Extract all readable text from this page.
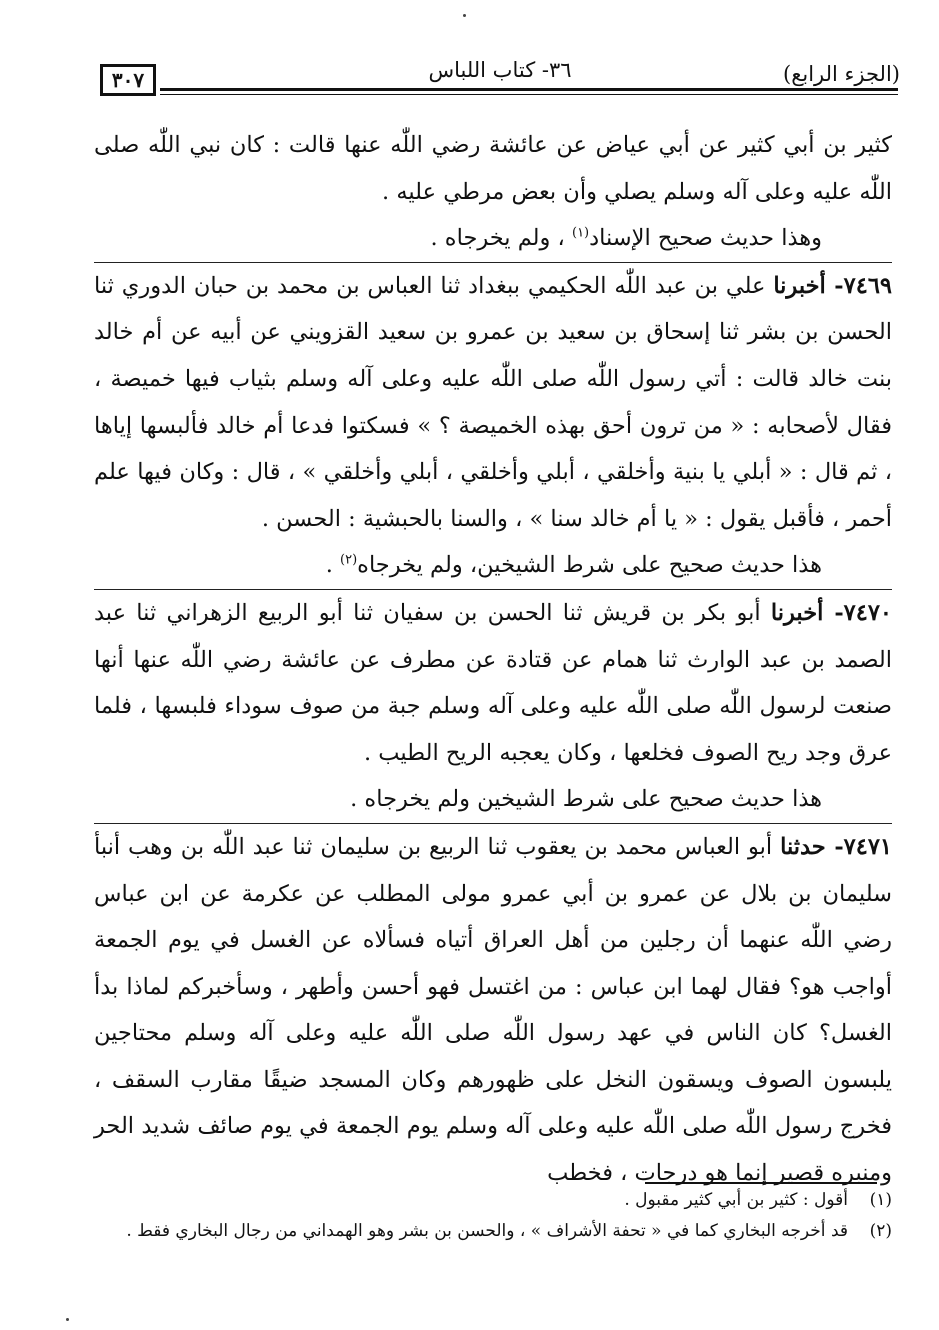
(الجزء الرابع)
٣٦- كتاب اللباس
٣٠٧

كثير بن أبي كثير عن أبي عياض عن عائشة رضي اللّٰه عنها قالت : كان نبي اللّٰه صلى اللّٰه عليه وعلى آله وسلم يصلي وأن بعض مرطي عليه .

وهذا حديث صحيح الإسناد$^{(١)}$ ، ولم يخرجاه .

٧٤٦٩- أخبرنا علي بن عبد اللّٰه الحكيمي ببغداد ثنا العباس بن محمد بن حبان الدوري ثنا الحسن بن بشر ثنا إسحاق بن سعيد بن عمرو بن سعيد القزويني عن أبيه عن أم خالد بنت خالد قالت : أتي رسول اللّٰه صلى اللّٰه عليه وعلى آله وسلم بثياب فيها خميصة ، فقال لأصحابه : « من ترون أحق بهذه الخميصة ؟ » فسكتوا فدعا أم خالد فألبسها إياها ، ثم قال : « أبلي يا بنية وأخلقي ، أبلي وأخلقي ، أبلي وأخلقي » ، قال : وكان فيها علم أحمر ، فأقبل يقول : « يا أم خالد سنا » ، والسنا بالحبشية : الحسن .

هذا حديث صحيح على شرط الشيخين، ولم يخرجاه$^{(٢)}$ .

٧٤٧٠- أخبرنا أبو بكر بن قريش ثنا الحسن بن سفيان ثنا أبو الربيع الزهراني ثنا عبد الصمد بن عبد الوارث ثنا همام عن قتادة عن مطرف عن عائشة رضي اللّٰه عنها أنها صنعت لرسول اللّٰه صلى اللّٰه عليه وعلى آله وسلم جبة من صوف سوداء فلبسها ، فلما عرق وجد ريح الصوف فخلعها ، وكان يعجبه الريح الطيب .

هذا حديث صحيح على شرط الشيخين ولم يخرجاه .

٧٤٧١- حدثنا أبو العباس محمد بن يعقوب ثنا الربيع بن سليمان ثنا عبد اللّٰه بن وهب أنبأ سليمان بن بلال عن عمرو بن أبي عمرو مولى المطلب عن عكرمة عن ابن عباس رضي اللّٰه عنهما أن رجلين من أهل العراق أتياه فسألاه عن الغسل في يوم الجمعة أواجب هو؟ فقال لهما ابن عباس : من اغتسل فهو أحسن وأطهر ، وسأخبركم لماذا بدأ الغسل؟ كان الناس في عهد رسول اللّٰه صلى اللّٰه عليه وعلى آله وسلم محتاجين يلبسون الصوف ويسقون النخل على ظهورهم وكان المسجد ضيقًا مقارب السقف ، فخرج رسول اللّٰه صلى اللّٰه عليه وعلى آله وسلم يوم الجمعة في يوم صائف شديد الحر ومنبره قصير إنما هو درجات ، فخطب

(١)
أقول : كثير بن أبي كثير مقبول .
(٢)
قد أخرجه البخاري كما في « تحفة الأشراف » ، والحسن بن بشر وهو الهمداني من رجال البخاري فقط .
